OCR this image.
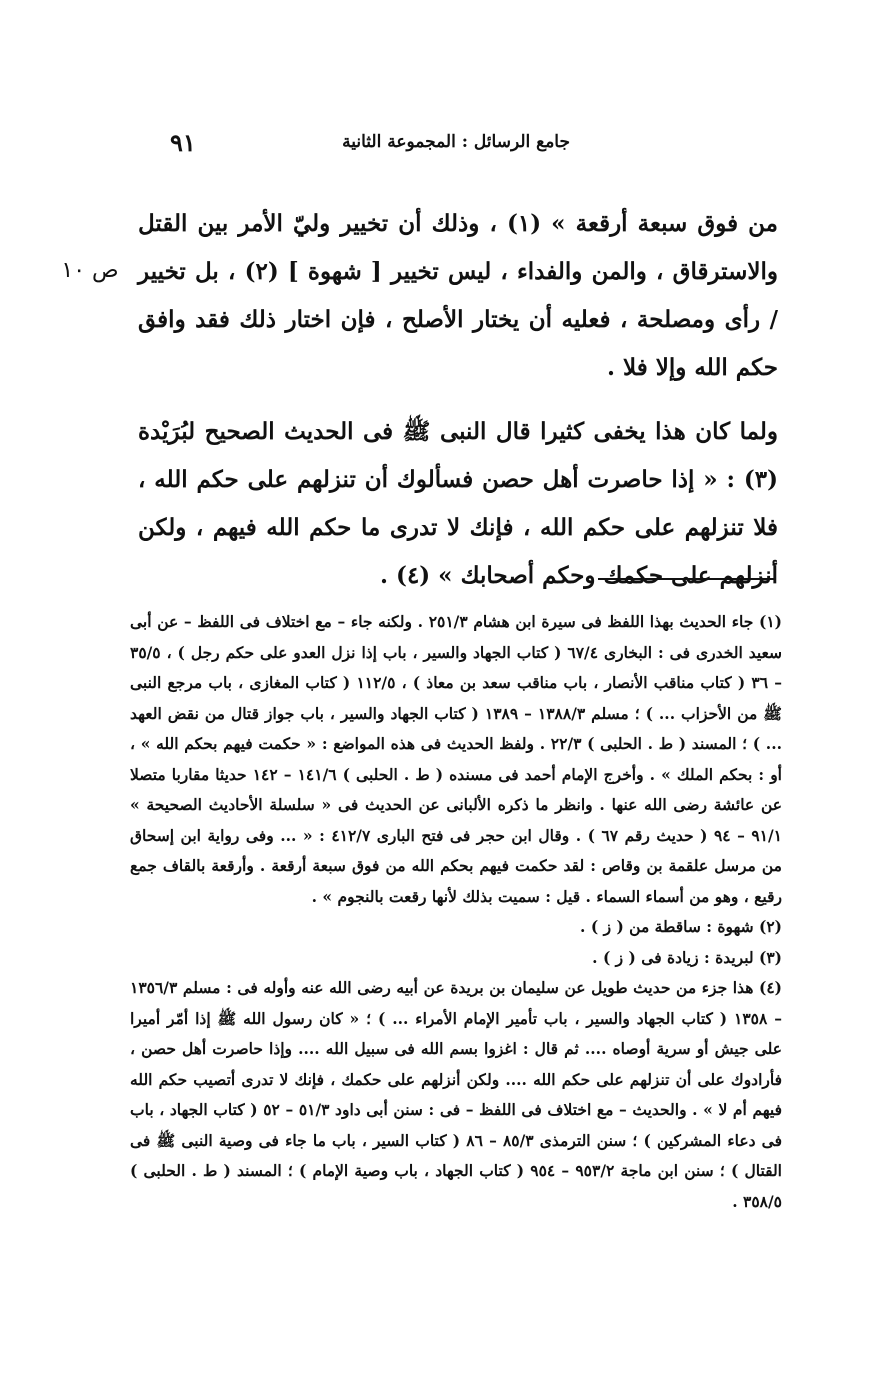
جامع الرسائل : المجموعة الثانية
٩١
ص ١٠

من فوق سبعة أرقعة » (١) ، وذلك أن تخيير وليّ الأمر بين القتل والاسترقاق ، والمن والفداء ، ليس تخيير [ شهوة ] (٢) ، بل تخيير / رأى ومصلحة ، فعليه أن يختار الأصلح ، فإن اختار ذلك فقد وافق حكم الله وإلا فلا .

ولما كان هذا يخفى كثيرا قال النبى ﷺ فى الحديث الصحيح لبُرَيْدة (٣) : « إذا حاصرت أهل حصن فسألوك أن تنزلهم على حكم الله ، فلا تنزلهم على حكم الله ، فإنك لا تدرى ما حكم الله فيهم ، ولكن أنزلهم على حكمك وحكم أصحابك » (٤) .

(١) جاء الحديث بهذا اللفظ فى سيرة ابن هشام ٢٥١/٣ . ولكنه جاء – مع اختلاف فى اللفظ – عن أبى سعيد الخدرى فى : البخارى ٦٧/٤ ( كتاب الجهاد والسير ، باب إذا نزل العدو على حكم رجل ) ، ٣٥/٥ – ٣٦ ( كتاب مناقب الأنصار ، باب مناقب سعد بن معاذ ) ، ١١٢/٥ ( كتاب المغازى ، باب مرجع النبى ﷺ من الأحزاب ... ) ؛ مسلم ١٣٨٨/٣ – ١٣٨٩ ( كتاب الجهاد والسير ، باب جواز قتال من نقض العهد ... ) ؛ المسند ( ط . الحلبى ) ٢٢/٣ . ولفظ الحديث فى هذه المواضع : « حكمت فيهم بحكم الله » ، أو : بحكم الملك » . وأخرج الإمام أحمد فى مسنده ( ط . الحلبى ) ١٤١/٦ – ١٤٢ حديثا مقاربا متصلا عن عائشة رضى الله عنها . وانظر ما ذكره الألبانى عن الحديث فى « سلسلة الأحاديث الصحيحة » ٩١/١ – ٩٤ ( حديث رقم ٦٧ ) . وقال ابن حجر فى فتح البارى ٤١٢/٧ : « ... وفى رواية ابن إسحاق من مرسل علقمة بن وقاص : لقد حكمت فيهم بحكم الله من فوق سبعة أرقعة . وأرقعة بالقاف جمع رقيع ، وهو من أسماء السماء . قيل : سميت بذلك لأنها رقعت بالنجوم » .

(٢) شهوة : ساقطة من ( ز ) .

(٣) لبريدة : زيادة فى ( ز ) .

(٤) هذا جزء من حديث طويل عن سليمان بن بريدة عن أبيه رضى الله عنه وأوله فى : مسلم ١٣٥٦/٣ – ١٣٥٨ ( كتاب الجهاد والسير ، باب تأمير الإمام الأمراء ... ) ؛ « كان رسول الله ﷺ إذا أمّر أميرا على جيش أو سرية أوصاه .... ثم قال : اغزوا بسم الله فى سبيل الله .... وإذا حاصرت أهل حصن ، فأرادوك على أن تنزلهم على حكم الله .... ولكن أنزلهم على حكمك ، فإنك لا تدرى أتصيب حكم الله فيهم أم لا » . والحديث – مع اختلاف فى اللفظ – فى : سنن أبى داود ٥١/٣ – ٥٢ ( كتاب الجهاد ، باب فى دعاء المشركين ) ؛ سنن الترمذى ٨٥/٣ – ٨٦ ( كتاب السير ، باب ما جاء فى وصية النبى ﷺ فى القتال ) ؛ سنن ابن ماجة ٩٥٣/٢ – ٩٥٤ ( كتاب الجهاد ، باب وصية الإمام ) ؛ المسند ( ط . الحلبى ) ٣٥٨/٥ .
